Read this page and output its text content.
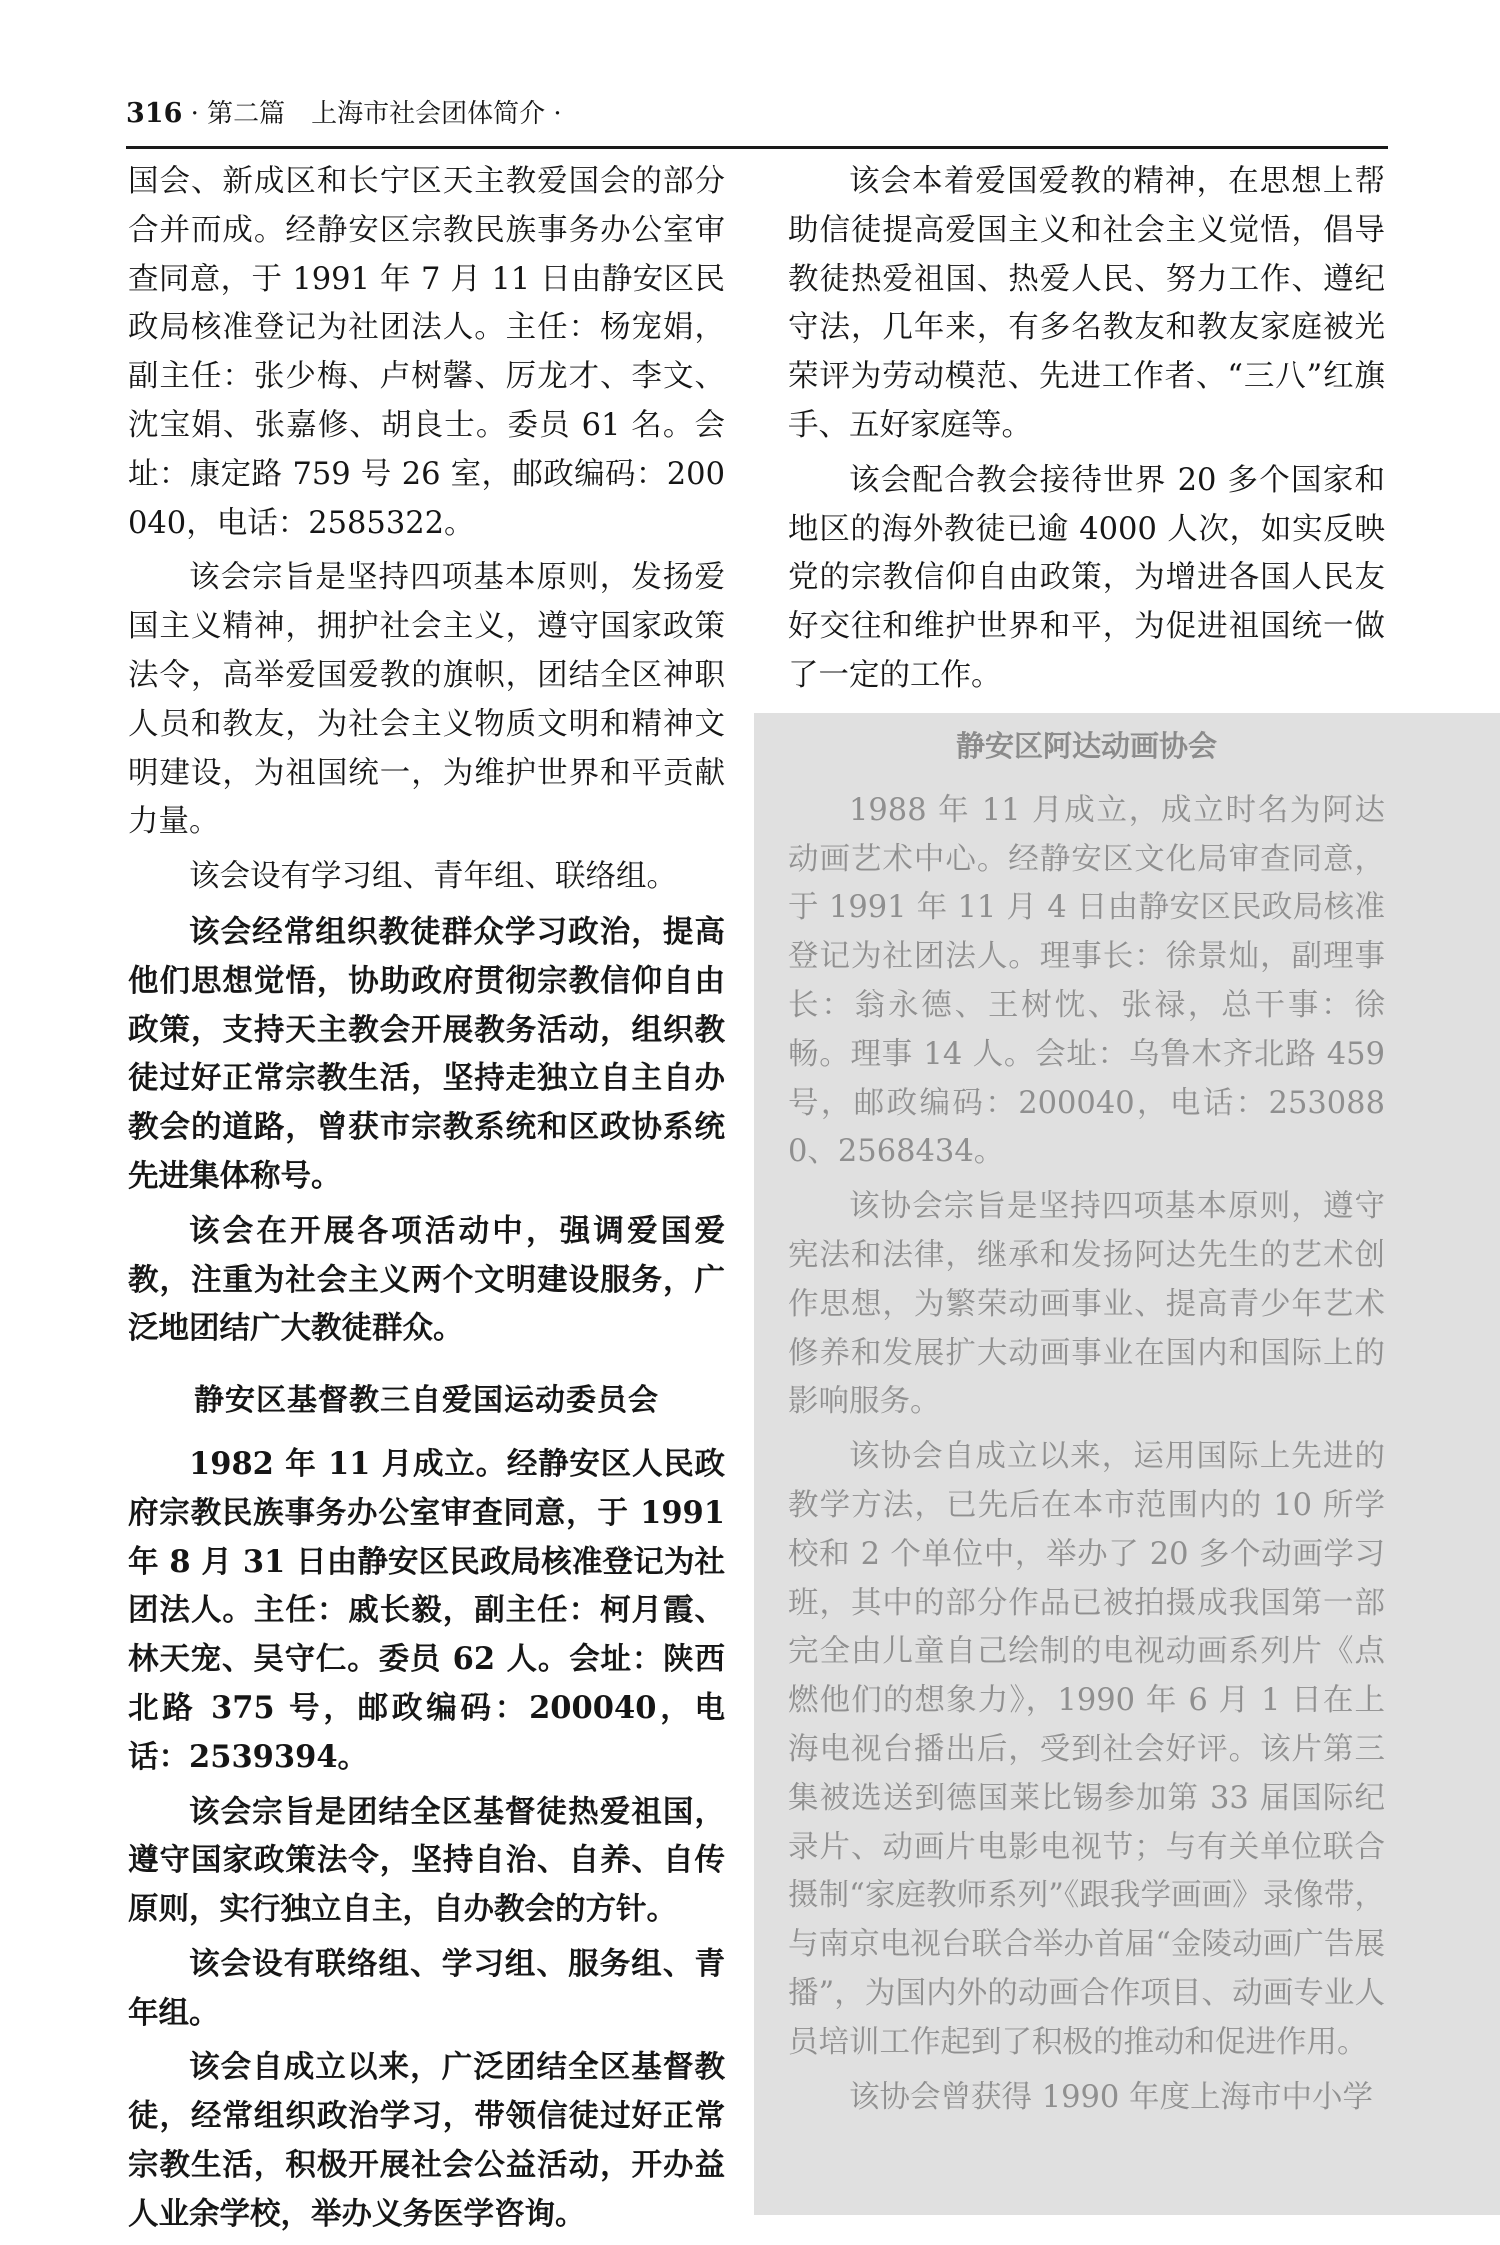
316 · 第二篇　上海市社会团体简介 ·

国会、新成区和长宁区天主教爱国会的部分合并而成。经静安区宗教民族事务办公室审查同意，于 1991 年 7 月 11 日由静安区民政局核准登记为社团法人。主任：杨宠娟，副主任：张少梅、卢树馨、厉龙才、李文、沈宝娟、张嘉修、胡良士。委员 61 名。会址：康定路 759 号 26 室，邮政编码：200040，电话：2585322。

该会宗旨是坚持四项基本原则，发扬爱国主义精神，拥护社会主义，遵守国家政策法令，高举爱国爱教的旗帜，团结全区神职人员和教友，为社会主义物质文明和精神文明建设，为祖国统一，为维护世界和平贡献力量。

该会设有学习组、青年组、联络组。

该会经常组织教徒群众学习政治，提高他们思想觉悟，协助政府贯彻宗教信仰自由政策，支持天主教会开展教务活动，组织教徒过好正常宗教生活，坚持走独立自主自办教会的道路，曾获市宗教系统和区政协系统先进集体称号。

该会在开展各项活动中，强调爱国爱教，注重为社会主义两个文明建设服务，广泛地团结广大教徒群众。

静安区基督教三自爱国运动委员会

1982 年 11 月成立。经静安区人民政府宗教民族事务办公室审查同意，于 1991 年 8 月 31 日由静安区民政局核准登记为社团法人。主任：戚长毅，副主任：柯月霞、林天宠、吴守仁。委员 62 人。会址：陕西北路 375 号，邮政编码：200040，电话：2539394。

该会宗旨是团结全区基督徒热爱祖国，遵守国家政策法令，坚持自治、自养、自传原则，实行独立自主，自办教会的方针。

该会设有联络组、学习组、服务组、青年组。

该会自成立以来，广泛团结全区基督教徒，经常组织政治学习，带领信徒过好正常宗教生活，积极开展社会公益活动，开办益人业余学校，举办义务医学咨询。

该会本着爱国爱教的精神，在思想上帮助信徒提高爱国主义和社会主义觉悟，倡导教徒热爱祖国、热爱人民、努力工作、遵纪守法，几年来，有多名教友和教友家庭被光荣评为劳动模范、先进工作者、“三八”红旗手、五好家庭等。

该会配合教会接待世界 20 多个国家和地区的海外教徒已逾 4000 人次，如实反映党的宗教信仰自由政策，为增进各国人民友好交往和维护世界和平，为促进祖国统一做了一定的工作。

静安区阿达动画协会

1988 年 11 月成立，成立时名为阿达动画艺术中心。经静安区文化局审查同意，于 1991 年 11 月 4 日由静安区民政局核准登记为社团法人。理事长：徐景灿，副理事长：翁永德、王树忱、张禄，总干事：徐畅。理事 14 人。会址：乌鲁木齐北路 459 号，邮政编码：200040，电话：2530880、2568434。

该协会宗旨是坚持四项基本原则，遵守宪法和法律，继承和发扬阿达先生的艺术创作思想，为繁荣动画事业、提高青少年艺术修养和发展扩大动画事业在国内和国际上的影响服务。

该协会自成立以来，运用国际上先进的教学方法，已先后在本市范围内的 10 所学校和 2 个单位中，举办了 20 多个动画学习班，其中的部分作品已被拍摄成我国第一部完全由儿童自己绘制的电视动画系列片《点燃他们的想象力》，1990 年 6 月 1 日在上海电视台播出后，受到社会好评。该片第三集被选送到德国莱比锡参加第 33 届国际纪录片、动画片电影电视节；与有关单位联合摄制“家庭教师系列”《跟我学画画》录像带，与南京电视台联合举办首届“金陵动画广告展播”，为国内外的动画合作项目、动画专业人员培训工作起到了积极的推动和促进作用。

该协会曾获得 1990 年度上海市中小学
